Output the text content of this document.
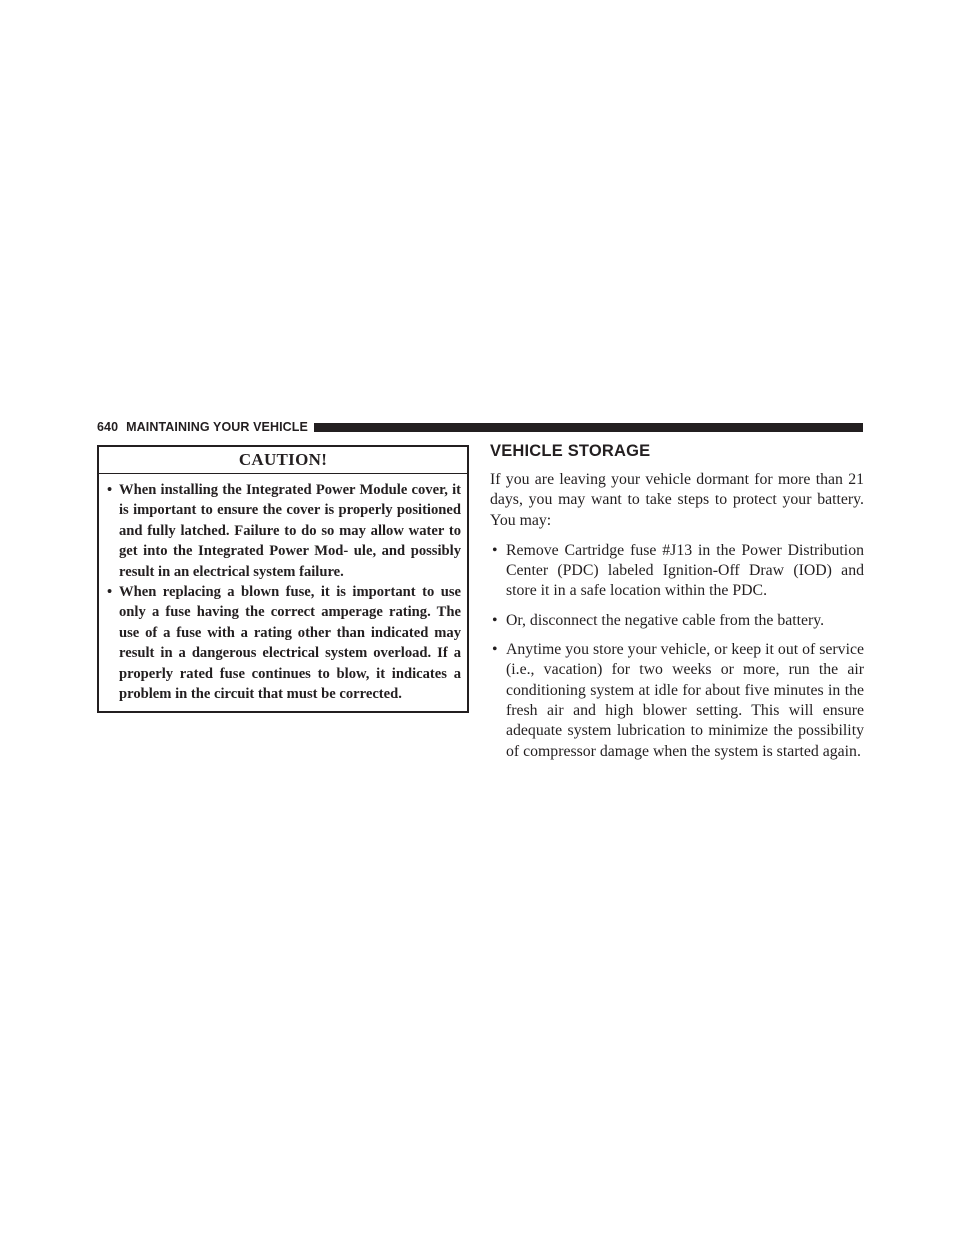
640 MAINTAINING YOUR VEHICLE
CAUTION!
• When installing the Integrated Power Module cover, it is important to ensure the cover is properly positioned and fully latched. Failure to do so may allow water to get into the Integrated Power Mod- ule, and possibly result in an electrical system failure.
• When replacing a blown fuse, it is important to use only a fuse having the correct amperage rating. The use of a fuse with a rating other than indicated may result in a dangerous electrical system overload. If a properly rated fuse continues to blow, it indicates a problem in the circuit that must be corrected.
VEHICLE STORAGE

If you are leaving your vehicle dormant for more than 21 days, you may want to take steps to protect your battery. You may:

• Remove Cartridge fuse #J13 in the Power Distribution Center (PDC) labeled Ignition-Off Draw (IOD) and store it in a safe location within the PDC.
• Or, disconnect the negative cable from the battery.
• Anytime you store your vehicle, or keep it out of service (i.e., vacation) for two weeks or more, run the air conditioning system at idle for about five minutes in the fresh air and high blower setting. This will ensure adequate system lubrication to minimize the possibility of compressor damage when the system is started again.
